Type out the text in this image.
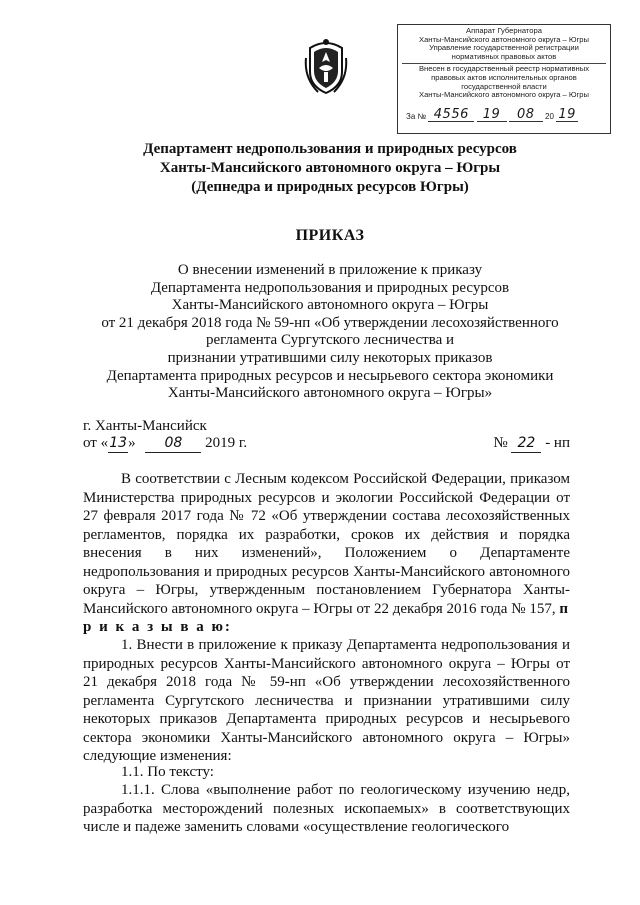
Аппарат Губернатора
Ханты-Мансийского автономного округа – Югры
Управление государственной регистрации
нормативных правовых актов
Внесен в государственный реестр нормативных
правовых актов исполнительных органов
государственной власти
Ханты-Мансийского автономного округа – Югры
За № 4556 19 08 20 19
Департамент недропользования и природных ресурсов
Ханты-Мансийского автономного округа – Югры
(Депнедра и природных ресурсов Югры)
ПРИКАЗ
О внесении изменений в приложение к приказу
Департамента недропользования и природных ресурсов
Ханты-Мансийского автономного округа – Югры
от 21 декабря 2018 года № 59-нп «Об утверждении лесохозяйственного
регламента Сургутского лесничества и
признании утратившими силу некоторых приказов
Департамента природных ресурсов и несырьевого сектора экономики
Ханты-Мансийского автономного округа – Югры»
г. Ханты-Мансийск
от «13» 08 2019 г.	№ 22 - нп
В соответствии с Лесным кодексом Российской Федерации, приказом Министерства природных ресурсов и экологии Российской Федерации от 27 февраля 2017 года № 72 «Об утверждении состава лесохозяйственных регламентов, порядка их разработки, сроков их действия и порядка внесения в них изменений», Положением о Департаменте недропользования и природных ресурсов Ханты-Мансийского автономного округа – Югры, утвержденным постановлением Губернатора Ханты-Мансийского автономного округа – Югры от 22 декабря 2016 года № 157, п р и к а з ы в а ю:
1. Внести в приложение к приказу Департамента недропользования и природных ресурсов Ханты-Мансийского автономного округа – Югры от 21 декабря 2018 года № 59-нп «Об утверждении лесохозяйственного регламента Сургутского лесничества и признании утратившими силу некоторых приказов Департамента природных ресурсов и несырьевого сектора экономики Ханты-Мансийского автономного округа – Югры» следующие изменения:
1.1. По тексту:
1.1.1. Слова «выполнение работ по геологическому изучению недр, разработка месторождений полезных ископаемых» в соответствующих числе и падеже заменить словами «осуществление геологического
